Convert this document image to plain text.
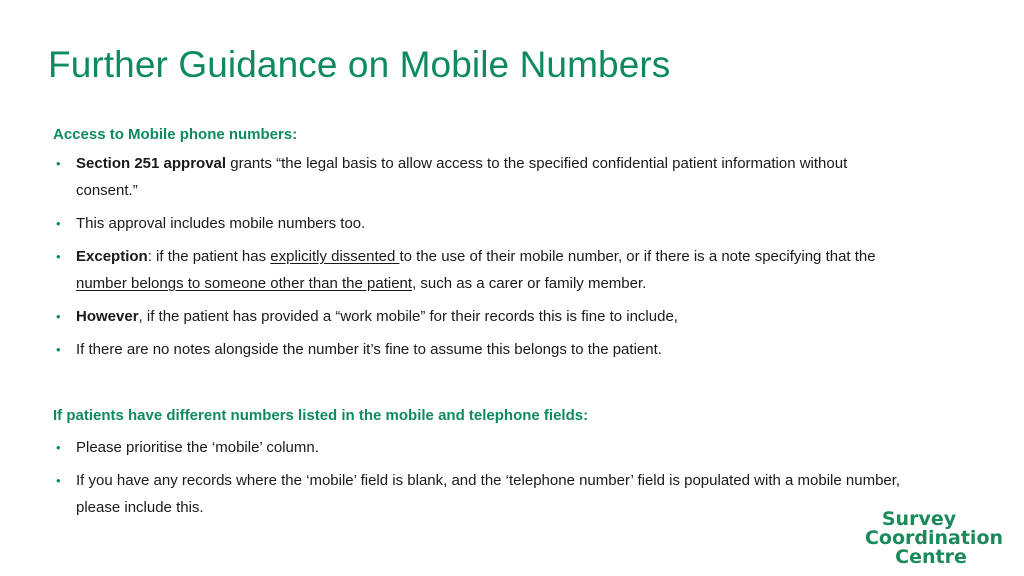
Further Guidance on Mobile Numbers
Access to Mobile phone numbers:
• Section 251 approval grants “the legal basis to allow access to the specified confidential patient information without consent.”
• This approval includes mobile numbers too.
• Exception: if the patient has explicitly dissented to the use of their mobile number, or if there is a note specifying that the number belongs to someone other than the patient, such as a carer or family member.
• However, if the patient has provided a “work mobile” for their records this is fine to include,
• If there are no notes alongside the number it’s fine to assume this belongs to the patient.
If patients have different numbers listed in the mobile and telephone fields:
• Please prioritise the ‘mobile’ column.
• If you have any records where the ‘mobile’ field is blank, and the ‘telephone number’ field is populated with a mobile number, please include this.
Survey
Coordination
Centre
